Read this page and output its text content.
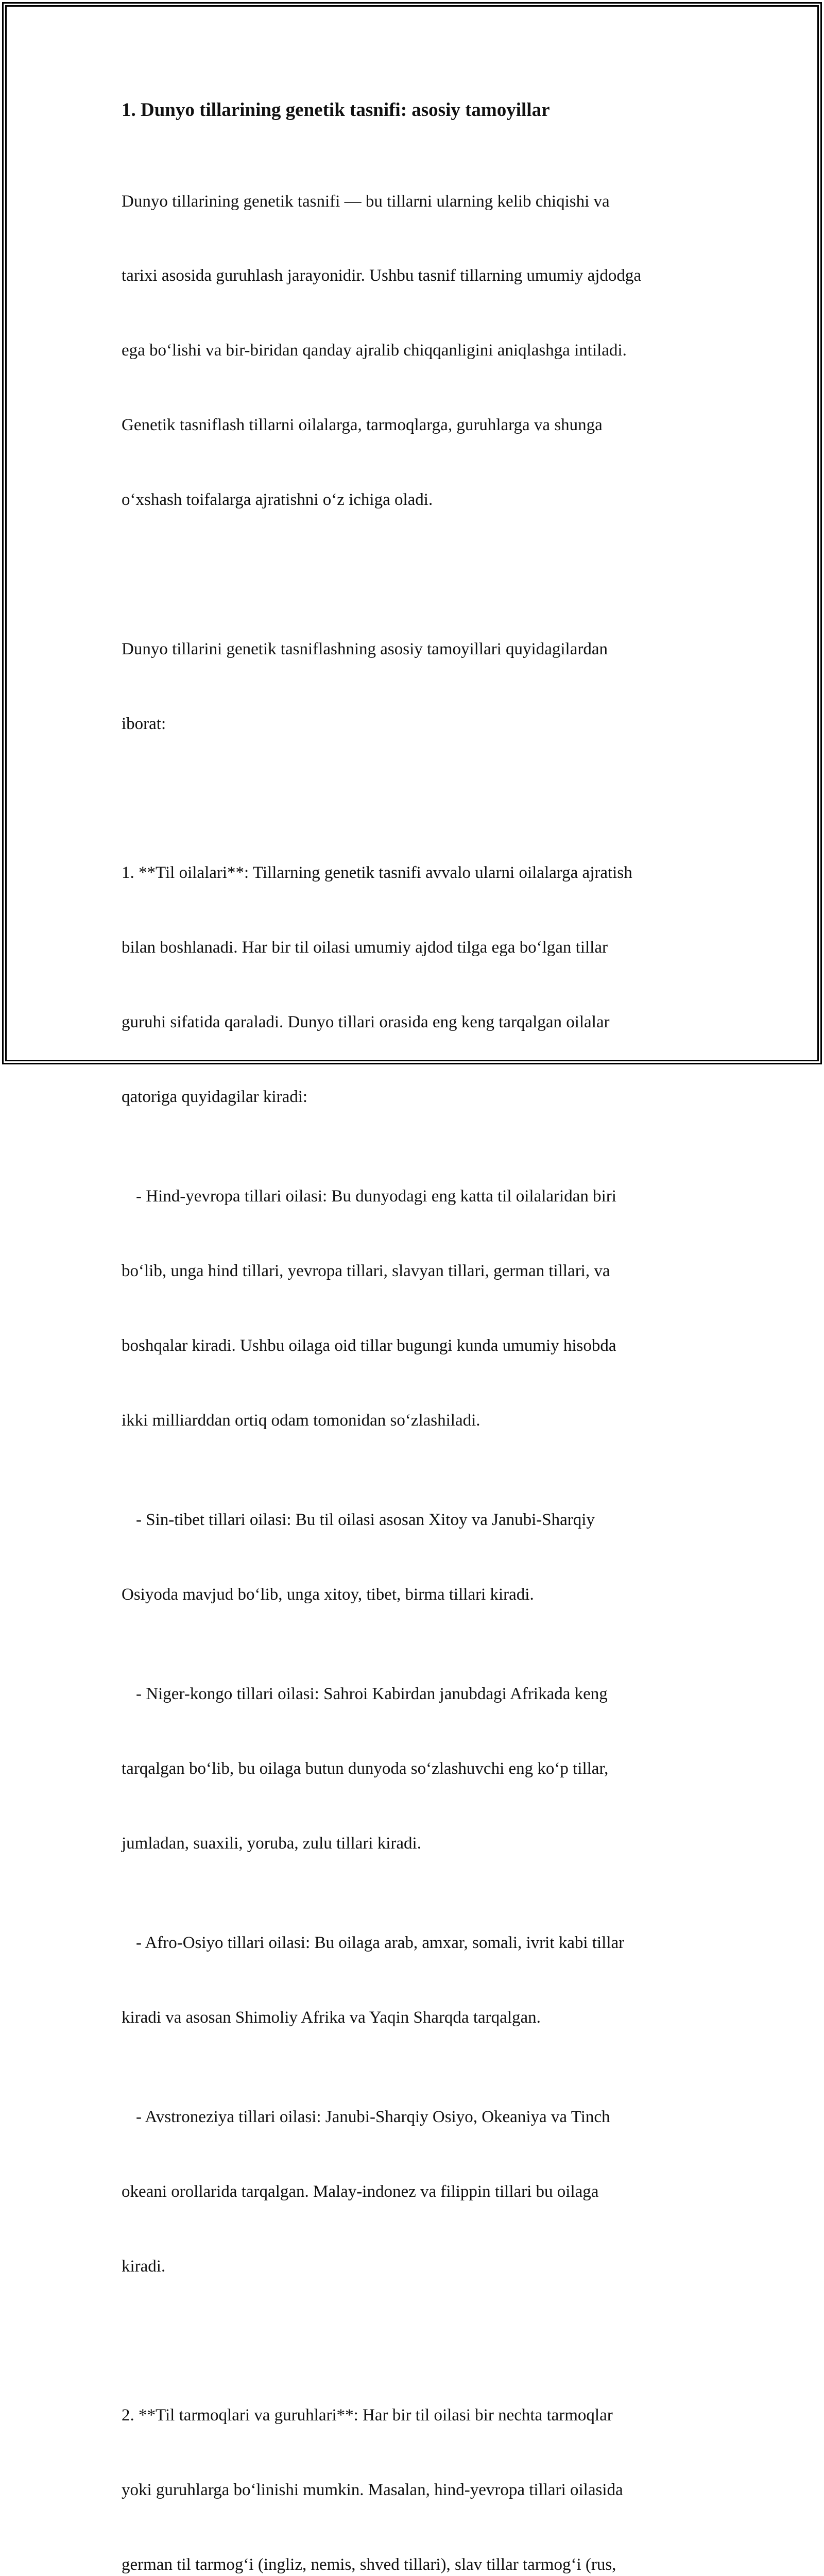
1. Dunyo tillarining genetik tasnifi: asosiy tamoyillar

Dunyo tillarining genetik tasnifi — bu tillarni ularning kelib chiqishi va

tarixi asosida guruhlash jarayonidir. Ushbu tasnif tillarning umumiy ajdodga

ega boʻlishi va bir-biridan qanday ajralib chiqqanligini aniqlashga intiladi.

Genetik tasniflash tillarni oilalarga, tarmoqlarga, guruhlarga va shunga

oʻxshash toifalarga ajratishni oʻz ichiga oladi.

Dunyo tillarini genetik tasniflashning asosiy tamoyillari quyidagilardan

iborat:

1. **Til oilalari**: Tillarning genetik tasnifi avvalo ularni oilalarga ajratish

bilan boshlanadi. Har bir til oilasi umumiy ajdod tilga ega boʻlgan tillar

guruhi sifatida qaraladi. Dunyo tillari orasida eng keng tarqalgan oilalar

qatoriga quyidagilar kiradi:

- Hind-yevropa tillari oilasi: Bu dunyodagi eng katta til oilalaridan biri

boʻlib, unga hind tillari, yevropa tillari, slavyan tillari, german tillari, va

boshqalar kiradi. Ushbu oilaga oid tillar bugungi kunda umumiy hisobda

ikki milliarddan ortiq odam tomonidan soʻzlashiladi.

- Sin-tibet tillari oilasi: Bu til oilasi asosan Xitoy va Janubi-Sharqiy

Osiyoda mavjud boʻlib, unga xitoy, tibet, birma tillari kiradi.

- Niger-kongo tillari oilasi: Sahroi Kabirdan janubdagi Afrikada keng

tarqalgan boʻlib, bu oilaga butun dunyoda soʻzlashuvchi eng koʻp tillar,

jumladan, suaxili, yoruba, zulu tillari kiradi.

- Afro-Osiyo tillari oilasi: Bu oilaga arab, amxar, somali, ivrit kabi tillar

kiradi va asosan Shimoliy Afrika va Yaqin Sharqda tarqalgan.

- Avstroneziya tillari oilasi: Janubi-Sharqiy Osiyo, Okeaniya va Tinch

okeani orollarida tarqalgan. Malay-indonez va filippin tillari bu oilaga

kiradi.

2. **Til tarmoqlari va guruhlari**: Har bir til oilasi bir nechta tarmoqlar

yoki guruhlarga boʻlinishi mumkin. Masalan, hind-yevropa tillari oilasida

german til tarmogʻi (ingliz, nemis, shved tillari), slav tillar tarmogʻi (rus,
